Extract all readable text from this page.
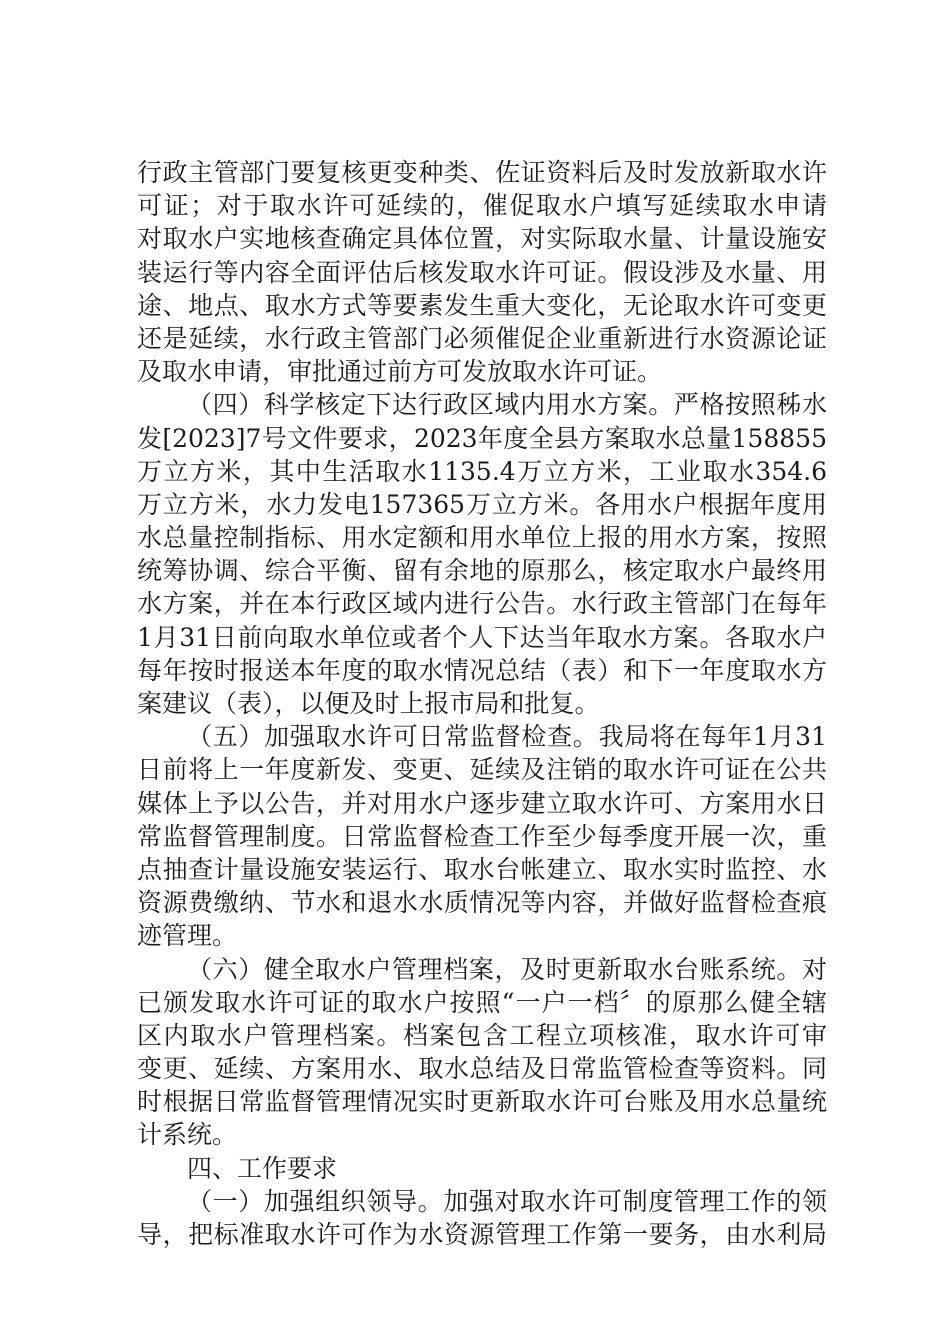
行政主管部门要复核更变种类、佐证资料后及时发放新取水许
可证；对于取水许可延续的，催促取水户填写延续取水申请
对取水户实地核查确定具体位置，对实际取水量、计量设施安
装运行等内容全面评估后核发取水许可证。假设涉及水量、用
途、地点、取水方式等要素发生重大变化，无论取水许可变更
还是延续，水行政主管部门必须催促企业重新进行水资源论证
及取水申请，审批通过前方可发放取水许可证。
（四）科学核定下达行政区域内用水方案。严格按照秭水
发[2023]7号文件要求，2023年度全县方案取水总量158855
万立方米，其中生活取水1135.4万立方米，工业取水354.6
万立方米，水力发电157365万立方米。各用水户根据年度用
水总量控制指标、用水定额和用水单位上报的用水方案，按照
统筹协调、综合平衡、留有余地的原那么，核定取水户最终用
水方案，并在本行政区域内进行公告。水行政主管部门在每年
1月31日前向取水单位或者个人下达当年取水方案。各取水户
每年按时报送本年度的取水情况总结（表）和下一年度取水方
案建议（表），以便及时上报市局和批复。
（五）加强取水许可日常监督检查。我局将在每年1月31
日前将上一年度新发、变更、延续及注销的取水许可证在公共
媒体上予以公告，并对用水户逐步建立取水许可、方案用水日
常监督管理制度。日常监督检查工作至少每季度开展一次，重
点抽查计量设施安装运行、取水台帐建立、取水实时监控、水
资源费缴纳、节水和退水水质情况等内容，并做好监督检查痕
迹管理。
（六）健全取水户管理档案，及时更新取水台账系统。对
已颁发取水许可证的取水户按照“一户一档〞的原那么健全辖
区内取水户管理档案。档案包含工程立项核准，取水许可审
变更、延续、方案用水、取水总结及日常监管检查等资料。同
时根据日常监督管理情况实时更新取水许可台账及用水总量统
计系统。
四、工作要求
（一）加强组织领导。加强对取水许可制度管理工作的领
导，把标准取水许可作为水资源管理工作第一要务，由水利局
